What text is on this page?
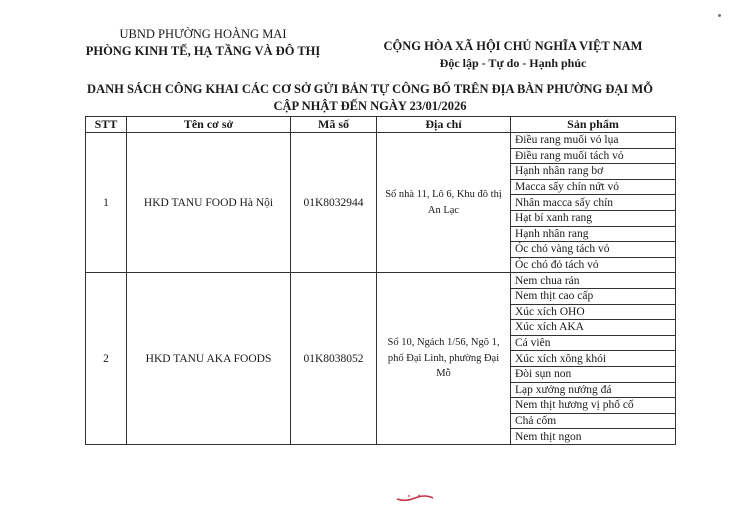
UBND PHƯỜNG HOÀNG MAI
PHÒNG KINH TẾ, HẠ TẦNG VÀ ĐÔ THỊ	CỘNG HÒA XÃ HỘI CHỦ NGHĨA VIỆT NAM
Độc lập - Tự do - Hạnh phúc
DANH SÁCH CÔNG KHAI CÁC CƠ SỞ GỬI BẢN TỰ CÔNG BỐ TRÊN ĐỊA BÀN PHƯỜNG ĐẠI MỖ
CẬP NHẬT ĐẾN NGÀY 23/01/2026
STT	Tên cơ sở	Mã số	Địa chỉ	Sản phẩm
1	HKD TANU FOOD Hà Nội	01K8032944	Số nhà 11, Lô 6, Khu đô thị An Lạc	Điều rang muối vỏ lụa
				Điều rang muối tách vỏ
				Hạnh nhân rang bơ
				Macca sấy chín nứt vỏ
				Nhân macca sấy chín
				Hạt bí xanh rang
				Hạnh nhân rang
				Óc chó vàng tách vỏ
				Óc chó đỏ tách vỏ
2	HKD TANU AKA FOODS	01K8038052	Số 10, Ngách 1/56, Ngõ 1, phố Đại Linh, phường Đại Mỗ	Nem chua rán
				Nem thịt cao cấp
				Xúc xích OHO
				Xúc xích AKA
				Cá viên
				Xúc xích xông khói
				Đòi sụn non
				Lạp xưởng nướng đá
				Nem thịt hương vị phố cổ
				Chả cốm
				Nem thịt ngon
